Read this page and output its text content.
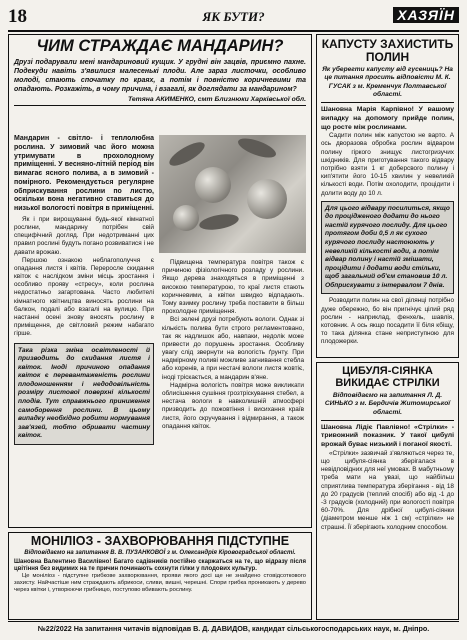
18	ЯК БУТИ?	ХАЗЯЇН
ЧИМ СТРАЖДАЄ МАНДАРИН?
Друзі подарували мені мандариновий кущик. У грудні він зацвів, приємно пахне. Подекуди навіть з'явилися малесенькі плоди. Але зараз листочки, особливо молоді, стають спочатку по краях, а потім і повністю коричневими та опадають. Розкажіть, в чому причина, і взагалі, як доглядати за мандарином?
Тетяна АКИМЕНКО, смт Близнюки Харківської обл.
Мандарин - світло- і теплолюбна рослина. У зимовий час його можна утримувати в прохолодному приміщенні. У весняно-літній період він вимагає ясного полива, а в зимовий - помірного. Рекомендується регулярне обприскування рослини по листю, оскільки вона негативно ставиться до низької вологості повітря в приміщенні.

Як і при вирощуванні будь-якої кімнатної рослини, мандарину потрібен свій специфічний догляд. При недотриманні цих правил рослині будуть погано розвиватися і не давати врожаю.

Першою ознакою неблагополуччя є опадання листя і квітів. Переросле скидання квіток є наслідком зміни місць зростання і особливо прояву «стресу», коли рослина недостатньо загартована. Часто любителі кімнатного квітництва виносять рослини на балкон, подалі або взагалі на вулицю. При настанні осені знову вносять рослину в приміщення, де світловий режим набагато гірше.

Така різка зміна освітленості й призводить до скидання листя і квіток. Іноді причиною опадання квіток є перевантаженість рослини плодоношенням і недодовільність розміру листової поверхні кількості плодів. Тут справжнього приниження самоборення рослини. В цьому випадку необхідно робити нормування зав'язей, тобто обривати частину квіток.

Підвищена температура повітря також є причиною фізіологічного розладу у рослини. Якщо дерева знаходяться в приміщенні з високою температурою, то краї листя стають коричневими, а квітки швидко відпадають. Тому взимку рослину треба поставити в більш прохолодне приміщення.

Всі зелені друзі потребують вологи. Однак зі кількість полива бути строго регламентовано, так як надлишок або, навпаки, недолік може привести до порушень зростання. Особливу увагу слід звернути на вологість ґрунту. При надмірному поливі можливе загнивання стебла або коренів, а при нестачі вологи листя жовтіє, іноді тріскається, а мандарин в'яне.

Надмірна вологість повітря може викликати облисішення сушіння грозтріскування стебел, а нестача вологи в навколишній атмосфері призводить до пожовтіння і висихання країв листя, його скручування і відмирання, а також опадання квіток.

КАПУСТУ ЗАХИСТИТЬ ПОЛИН
Як уберегти капусту від гусениць? На це питання просить відповісти М. К. ГУСАК з м. Кременчук Полтавської області.
Шановна Марія Карпівно! У вашому випадку на допомогу прийде полин, що росте між рослинами.

Садити полин між капустою не варто. А ось дворазова обробка рослин відваром полину гіркого знищує листогризучих шкідників. Для приготування такого відвару потрібно взяти 1 кг доберсвого полину і кип'ятити його 10-15 хвилин у невеликій кількості води. Потім охолодити, процідити і долити воду до 10 л.

Для цього відвару посилиться, якщо до процідженого додати до нього настій курячого послиду. Для цього протягом доби 0,5 л як сухого курячого послиду настоюють у невеликій кількості води, а потім відвар полину і настій змішати, процідити і додати води стільки, щоб загальний об'єм становив 10 л. Обприскувати з інтервалом 7 днів.

Розводити полин на свої ділянці потрібно дуже обережно, бо він пригнічує цілий ряд рослин - наприклад, фенхель, шавлія, котовник. А ось якщо посадити її біля кбіщу, то така ділянка стане неприступною для плодожерки.

ЦИБУЛЯ-СІЯНКА ВИКИДАЄ СТРІЛКИ
Відповідаємо на запитання Л. Д. СИНЬКО з м. Бердичів Житомирської області.
Шановна Лідіє Павлівно! «Стрілки» - тривожний показник. У такої цибулі врожай буває низький і поганої якості.

«Стрілки» зазвичай з'являються через те, що цибуля-сіянка зберігалася в невідповідних для неї умовах. В мабутньому треба мати на увазі, що найбільш сприятлива температура зберігання - від 18 до 20 градусів (теплий спосіб) або від -1 до -3 градусів (холодний) при вологості повітря 60-70%. Для дрібної цибулі-сіянки (діаметром менше ніж 1 см) «стрілки» не страшні. Її зберігають холодним способом.

МОНІЛІОЗ - ЗАХВОРЮВАННЯ ПІДСТУПНЕ
Відповідаємо на запитання В. В. ПУЗАНКОВОЇ з м. Олександрія Кіровоградської області.
Шановна Валентино Василівно! Багато садівників постійно скаржаться на те, що відразу після цвітіння без видимих на те причин починають сохнути гілки у плодових культур.

Це моніліоз - підступне грибкове захворювання, прояви якого досі ще не знайдено стовідсоткового захисту. Найчастіше ним страждають абрикоси, сливи, вишні, черешні. Спори грибка проникають у дерево через квітки і, утворюючи грибницю, поступово вбивають рослину.

№22/2022 На запитання читачів відповідав В. Д. ДАВИДОВ, кандидат сільськогосподарських наук, м. Дніпро.
